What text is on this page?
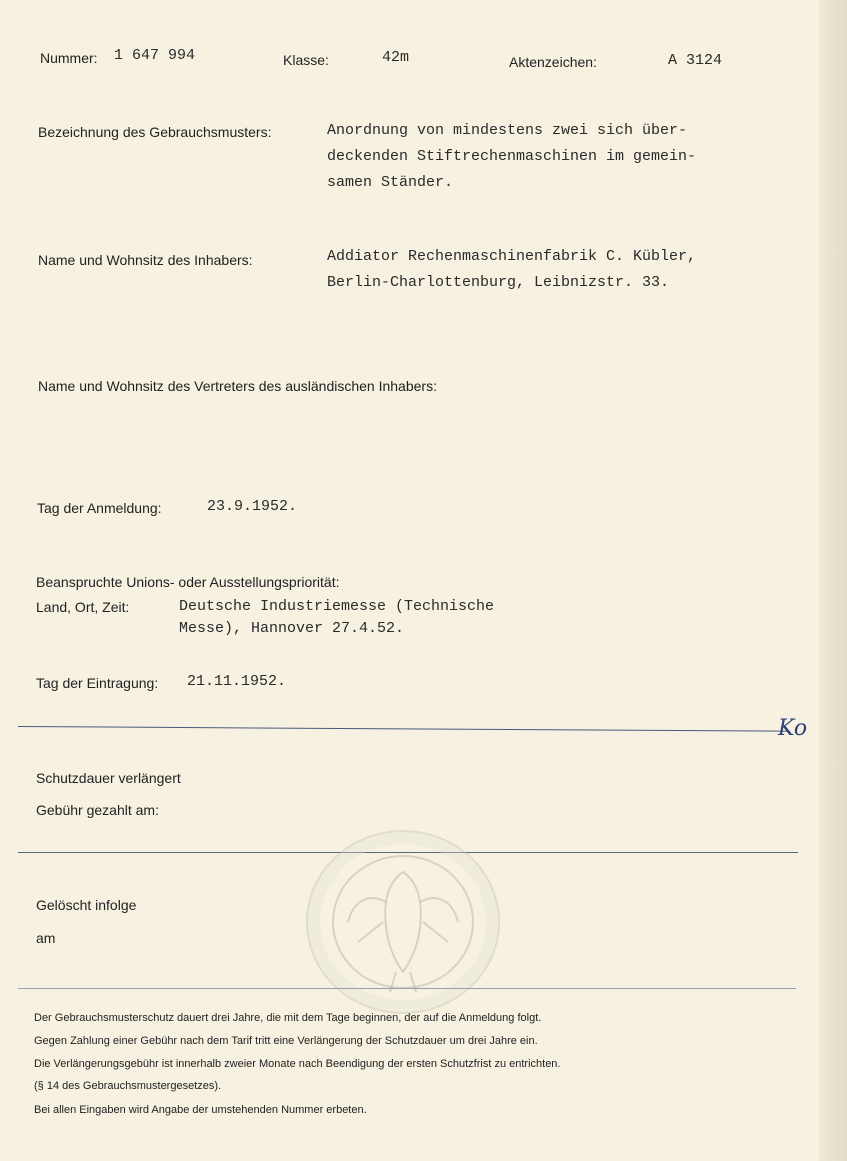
Nummer: 1 647 994	Klasse:	42m	Aktenzeichen:	A 3124
Bezeichnung des Gebrauchsmusters:	Anordnung von mindestens zwei sich über-
deckenden Stiftrechenmaschinen im gemein-
samen Ständer.
Name und Wohnsitz des Inhabers:	Addiator Rechenmaschinenfabrik C. Kübler,
Berlin-Charlottenburg, Leibnizstr. 33.
Name und Wohnsitz des Vertreters des ausländischen Inhabers:
Tag der Anmeldung:	23.9.1952.
Beanspruchte Unions- oder Ausstellungspriorität:
Land, Ort, Zeit:	Deutsche Industriemesse (Technische
Messe), Hannover 27.4.52.
Tag der Eintragung: 21.11.1952.
Ko
Schutzdauer verlängert
Gebühr gezahlt am:
Gelöscht infolge
am
Der Gebrauchsmusterschutz dauert drei Jahre, die mit dem Tage beginnen, der auf die Anmeldung folgt.
Gegen Zahlung einer Gebühr nach dem Tarif tritt eine Verlängerung der Schutzdauer um drei Jahre ein.
Die Verlängerungsgebühr ist innerhalb zweier Monate nach Beendigung der ersten Schutzfrist zu entrichten.
(§ 14 des Gebrauchsmustergesetzes).
Bei allen Eingaben wird Angabe der umstehenden Nummer erbeten.
